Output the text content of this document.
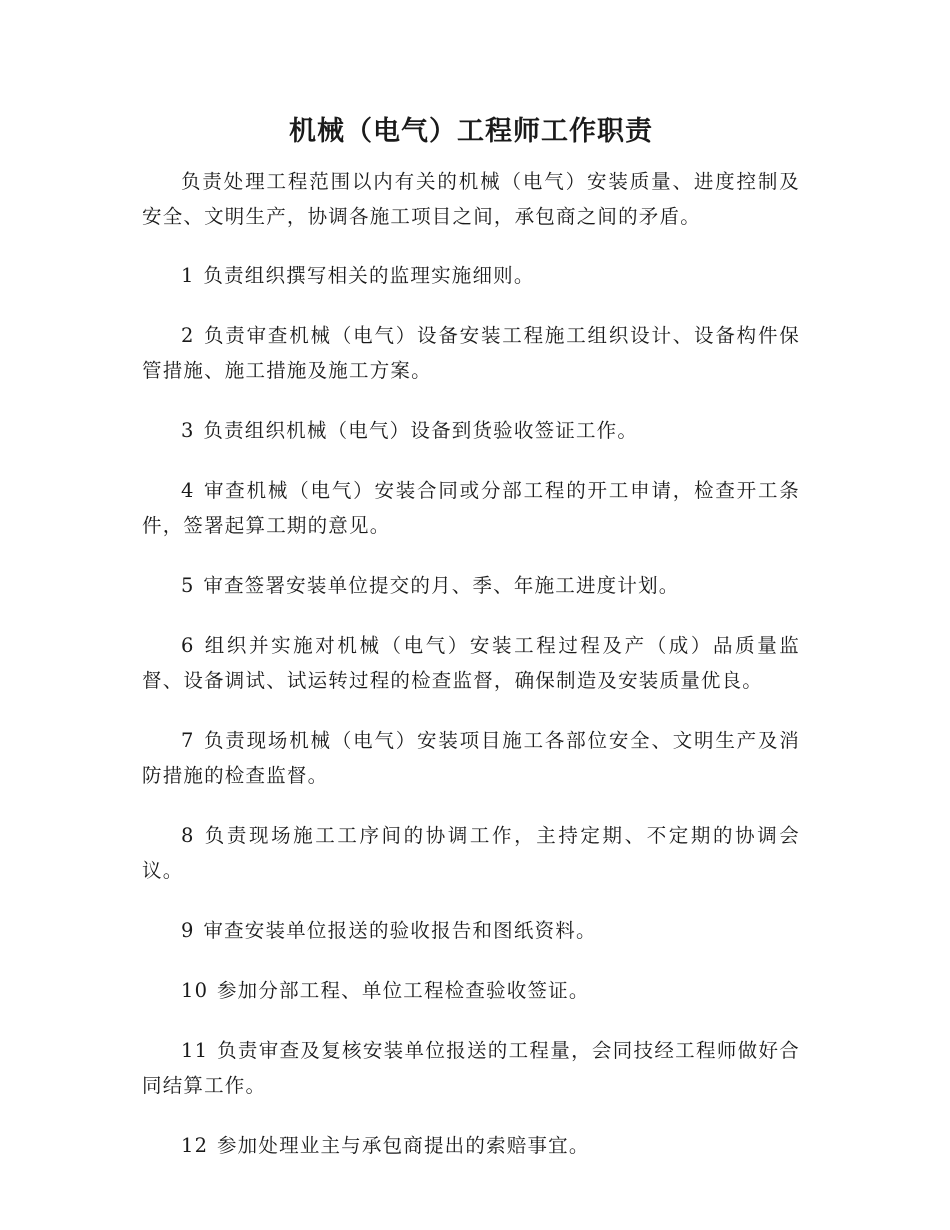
机械（电气）工程师工作职责

负责处理工程范围以内有关的机械（电气）安装质量、进度控制及安全、文明生产，协调各施工项目之间，承包商之间的矛盾。

1 负责组织撰写相关的监理实施细则。

2 负责审查机械（电气）设备安装工程施工组织设计、设备构件保管措施、施工措施及施工方案。

3 负责组织机械（电气）设备到货验收签证工作。

4 审查机械（电气）安装合同或分部工程的开工申请，检查开工条件，签署起算工期的意见。

5 审查签署安装单位提交的月、季、年施工进度计划。

6 组织并实施对机械（电气）安装工程过程及产（成）品质量监督、设备调试、试运转过程的检查监督，确保制造及安装质量优良。

7 负责现场机械（电气）安装项目施工各部位安全、文明生产及消防措施的检查监督。

8 负责现场施工工序间的协调工作，主持定期、不定期的协调会议。

9 审查安装单位报送的验收报告和图纸资料。

10 参加分部工程、单位工程检查验收签证。

11 负责审查及复核安装单位报送的工程量，会同技经工程师做好合同结算工作。

12 参加处理业主与承包商提出的索赔事宜。
